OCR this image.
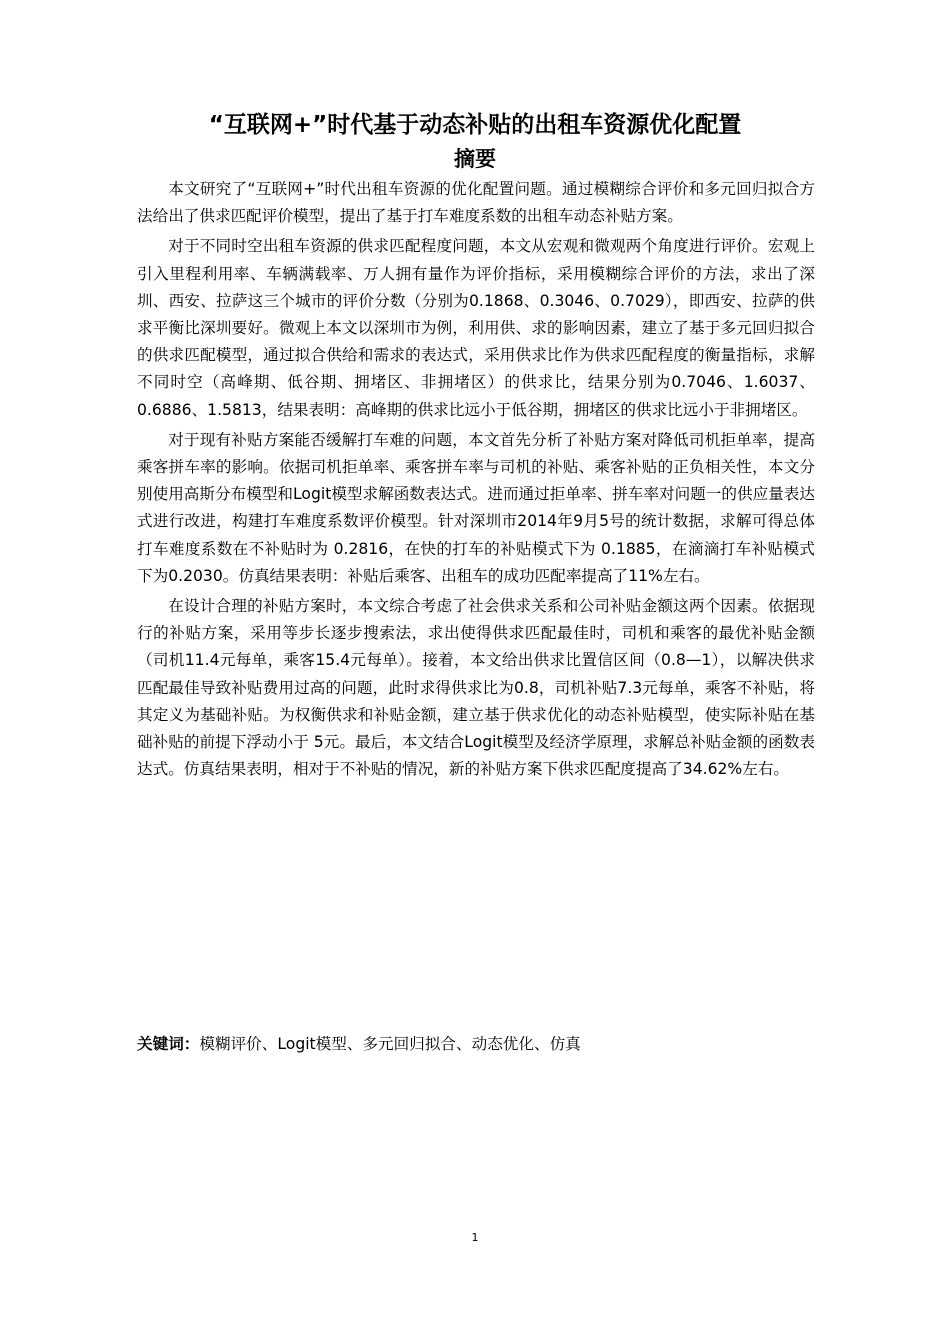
“互联网+”时代基于动态补贴的出租车资源优化配置
摘要

本文研究了“互联网+”时代出租车资源的优化配置问题。通过模糊综合评价和多元回归拟合方法给出了供求匹配评价模型，提出了基于打车难度系数的出租车动态补贴方案。

对于不同时空出租车资源的供求匹配程度问题，本文从宏观和微观两个角度进行评价。宏观上引入里程利用率、车辆满载率、万人拥有量作为评价指标，采用模糊综合评价的方法，求出了深圳、西安、拉萨这三个城市的评价分数（分别为0.1868、0.3046、0.7029），即西安、拉萨的供求平衡比深圳要好。微观上本文以深圳市为例，利用供、求的影响因素，建立了基于多元回归拟合的供求匹配模型，通过拟合供给和需求的表达式，采用供求比作为供求匹配程度的衡量指标，求解不同时空（高峰期、低谷期、拥堵区、非拥堵区）的供求比，结果分别为0.7046、1.6037、0.6886、1.5813，结果表明：高峰期的供求比远小于低谷期，拥堵区的供求比远小于非拥堵区。

对于现有补贴方案能否缓解打车难的问题，本文首先分析了补贴方案对降低司机拒单率，提高乘客拼车率的影响。依据司机拒单率、乘客拼车率与司机的补贴、乘客补贴的正负相关性，本文分别使用高斯分布模型和Logit模型求解函数表达式。进而通过拒单率、拼车率对问题一的供应量表达式进行改进，构建打车难度系数评价模型。针对深圳市2014年9月5号的统计数据，求解可得总体打车难度系数在不补贴时为 0.2816，在快的打车的补贴模式下为 0.1885，在滴滴打车补贴模式下为0.2030。仿真结果表明：补贴后乘客、出租车的成功匹配率提高了11%左右。

在设计合理的补贴方案时，本文综合考虑了社会供求关系和公司补贴金额这两个因素。依据现行的补贴方案，采用等步长逐步搜索法，求出使得供求匹配最佳时，司机和乘客的最优补贴金额（司机11.4元每单，乘客15.4元每单）。接着，本文给出供求比置信区间（0.8—1），以解决供求匹配最佳导致补贴费用过高的问题，此时求得供求比为0.8，司机补贴7.3元每单，乘客不补贴，将其定义为基础补贴。为权衡供求和补贴金额，建立基于供求优化的动态补贴模型，使实际补贴在基础补贴的前提下浮动小于 5元。最后，本文结合Logit模型及经济学原理，求解总补贴金额的函数表达式。仿真结果表明，相对于不补贴的情况，新的补贴方案下供求匹配度提高了34.62%左右。

关键词：模糊评价、Logit模型、多元回归拟合、动态优化、仿真
1
